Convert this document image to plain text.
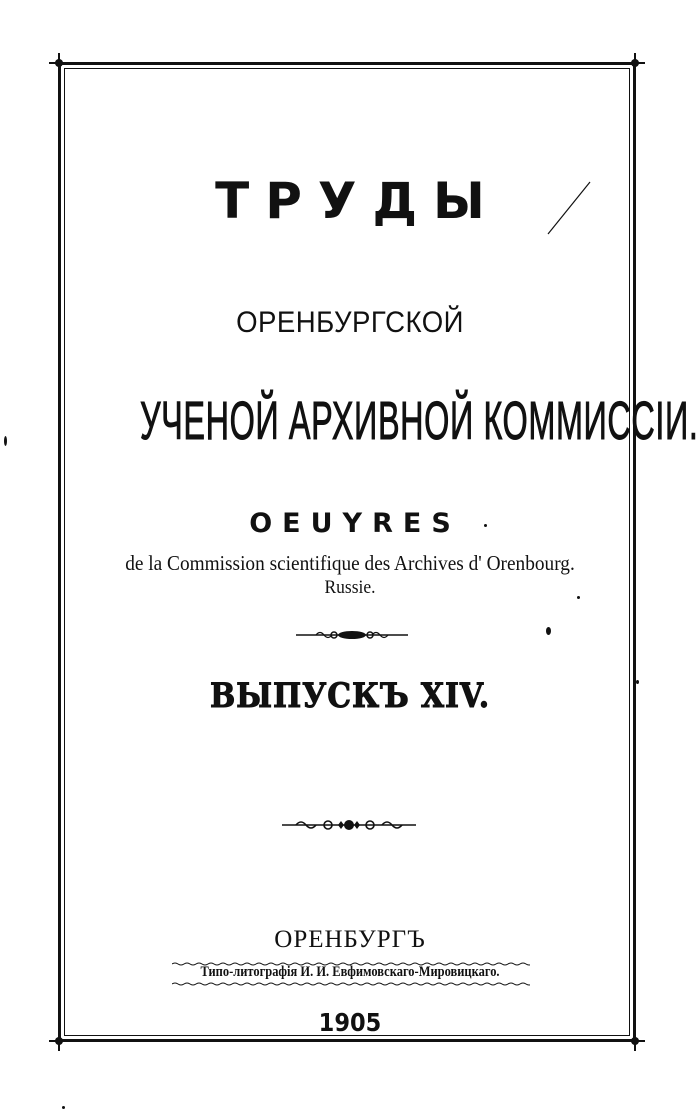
ТРУДЫ
ОРЕНБУРГСКОЙ
УЧЕНОЙ АРХИВНОЙ КОММИССІИ.
OEUYRES
de la Commission scientifique des Archives d' Orenbourg.
Russie.
ВЫПУСКЪ XIV.
ОРЕНБУРГЪ
Типо-литографія И. И. Евфимовскаго-Мировицкаго.
1905
